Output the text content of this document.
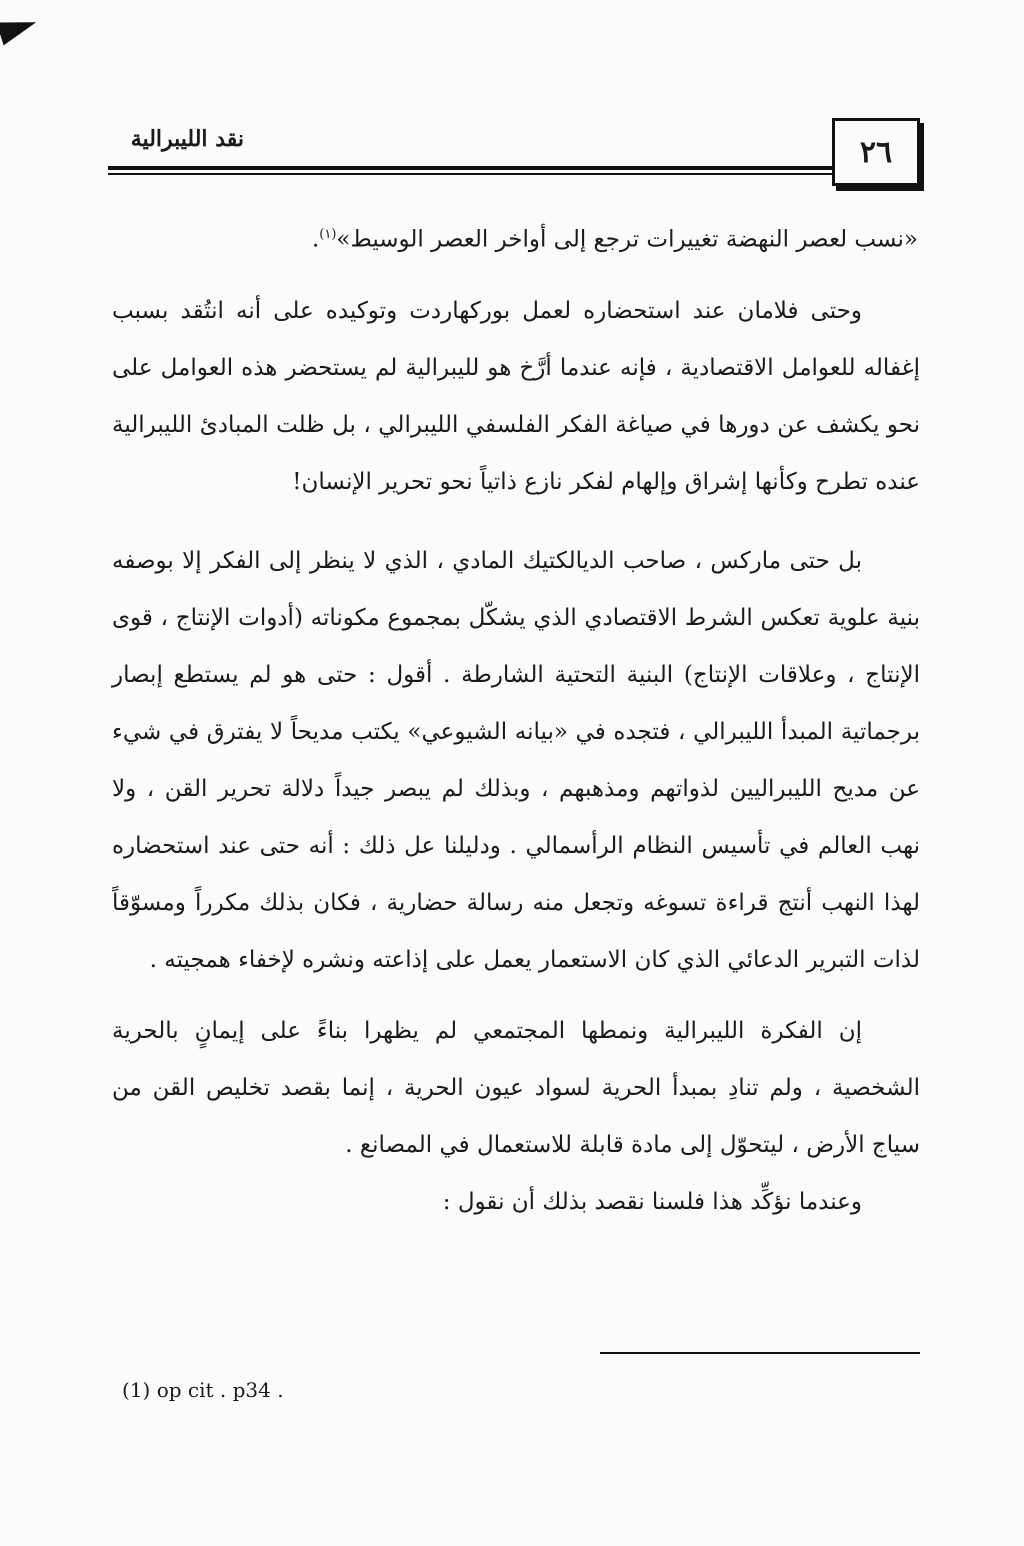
نقد الليبرالية	٢٦

«نسب لعصر النهضة تغييرات ترجع إلى أواخر العصر الوسيط»$^{(١)}$.

وحتى فلامان عند استحضاره لعمل بوركهاردت وتوكيده على أنه انتُقد بسبب إغفاله للعوامل الاقتصادية ، فإنه عندما أرَّخ هو لليبرالية لم يستحضر هذه العوامل على نحو يكشف عن دورها في صياغة الفكر الفلسفي الليبرالي ، بل ظلت المبادئ الليبرالية عنده تطرح وكأنها إشراق وإلهام لفكر نازع ذاتياً نحو تحرير الإنسان!

بل حتى ماركس ، صاحب الديالكتيك المادي ، الذي لا ينظر إلى الفكر إلا بوصفه بنية علوية تعكس الشرط الاقتصادي الذي يشكّل بمجموع مكوناته (أدوات الإنتاج ، قوى الإنتاج ، وعلاقات الإنتاج) البنية التحتية الشارطة . أقول : حتى هو لم يستطع إبصار برجماتية المبدأ الليبرالي ، فتجده في «بيانه الشيوعي» يكتب مديحاً لا يفترق في شيء عن مديح الليبراليين لذواتهم ومذهبهم ، وبذلك لم يبصر جيداً دلالة تحرير القن ، ولا نهب العالم في تأسيس النظام الرأسمالي . ودليلنا عل ذلك : أنه حتى عند استحضاره لهذا النهب أنتج قراءة تسوغه وتجعل منه رسالة حضارية ، فكان بذلك مكرراً ومسوّقاً لذات التبرير الدعائي الذي كان الاستعمار يعمل على إذاعته ونشره لإخفاء همجيته .

إن الفكرة الليبرالية ونمطها المجتمعي لم يظهرا بناءً على إيمانٍ بالحرية الشخصية ، ولم تنادِ بمبدأ الحرية لسواد عيون الحرية ، إنما بقصد تخليص القن من سياج الأرض ، ليتحوّل إلى مادة قابلة للاستعمال في المصانع .

وعندما نؤكِّد هذا فلسنا نقصد بذلك أن نقول :

(1) op cit . p34 .
